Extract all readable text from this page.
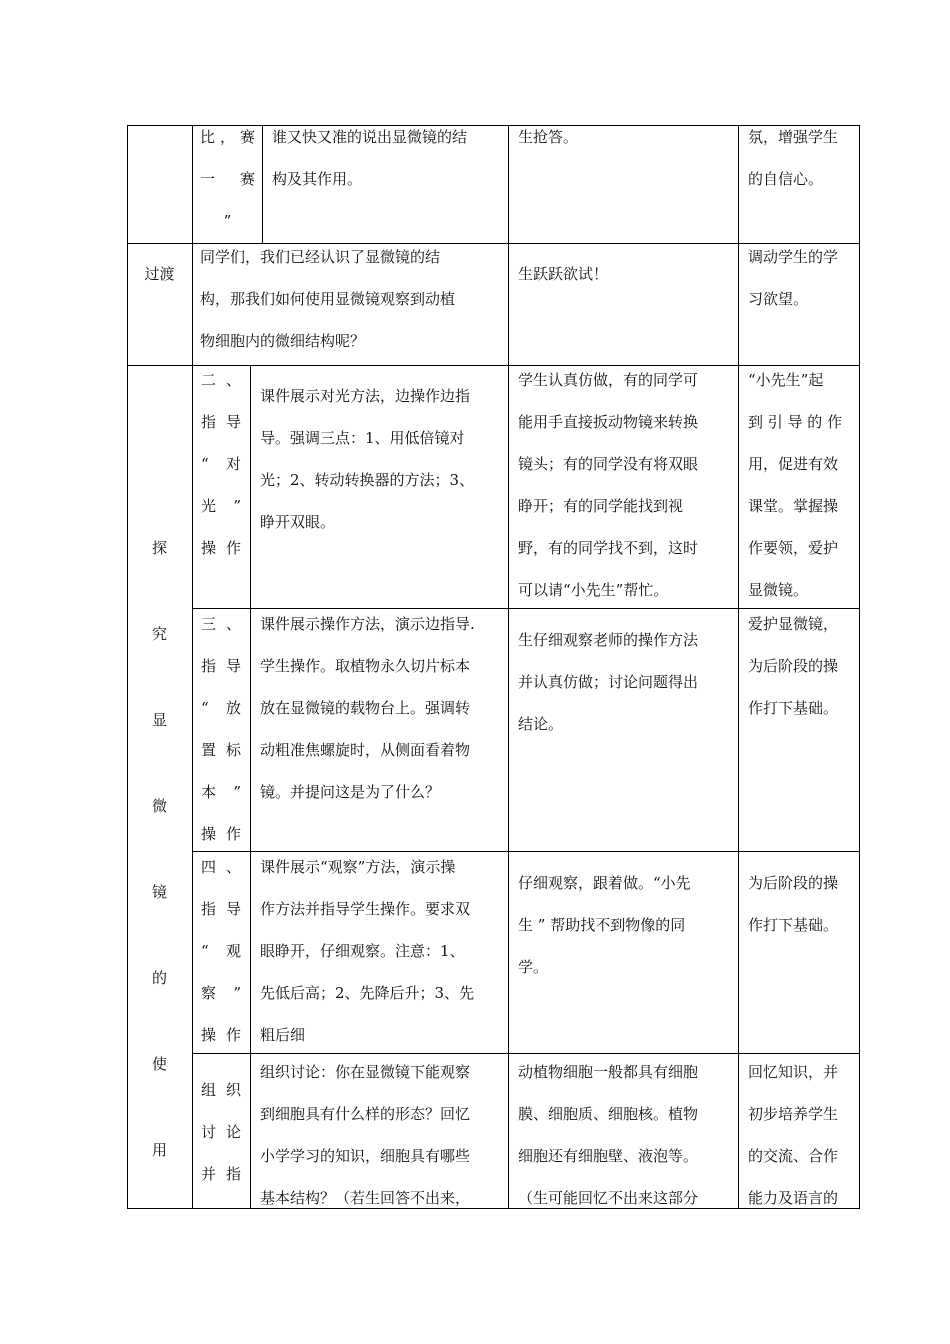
比，赛
一　赛
”
谁又快又准的说出显微镜的结
构及其作用。
生抢答。	氛，增强学生
的自信心。
过渡
同学们，我们已经认识了显微镜的结
构，那我们如何使用显微镜观察到动植
物细胞内的微细结构呢？
生跃跃欲试！
调动学生的学
习欲望。
探
究
显
微
镜
的
使
用
二 、
指 导
“ 对
光 ”
操作
课件展示对光方法，边操作边指
导。强调三点：1、用低倍镜对
光；2、转动转换器的方法；3、
睁开双眼。
学生认真仿做，有的同学可
能用手直接扳动物镜来转换
镜头；有的同学没有将双眼
睁开；有的同学能找到视
野，有的同学找不到，这时
可以请“小先生”帮忙。
“小先生”起
到 引 导 的 作
用，促进有效
课堂。掌握操
作要领，爱护
显微镜。
三 、
指 导
“ 放
置 标
本 ”
操作
课件展示操作方法，演示边指导.
学生操作。取植物永久切片标本
放在显微镜的载物台上。强调转
动粗准焦螺旋时，从侧面看着物
镜。并提问这是为了什么？
生仔细观察老师的操作方法
并认真仿做；讨论问题得出
结论。
爱护显微镜，
为后阶段的操
作打下基础。
四 、
指 导
“ 观
察 ”
操作
课件展示“观察”方法，演示操
作方法并指导学生操作。要求双
眼睁开，仔细观察。注意：1、
先低后高；2、先降后升；3、先
粗后细
仔细观察，跟着做。“小先
生 ” 帮助找不到物像的同
学。
为后阶段的操
作打下基础。
组 织
讨 论
并 指
组织讨论：你在显微镜下能观察
到细胞具有什么样的形态？回忆
小学学习的知识，细胞具有哪些
基本结构？（若生回答不出来，
动植物细胞一般都具有细胞
膜、细胞质、细胞核。植物
细胞还有细胞壁、液泡等。
（生可能回忆不出来这部分
回忆知识，并
初步培养学生
的交流、合作
能力及语言的
